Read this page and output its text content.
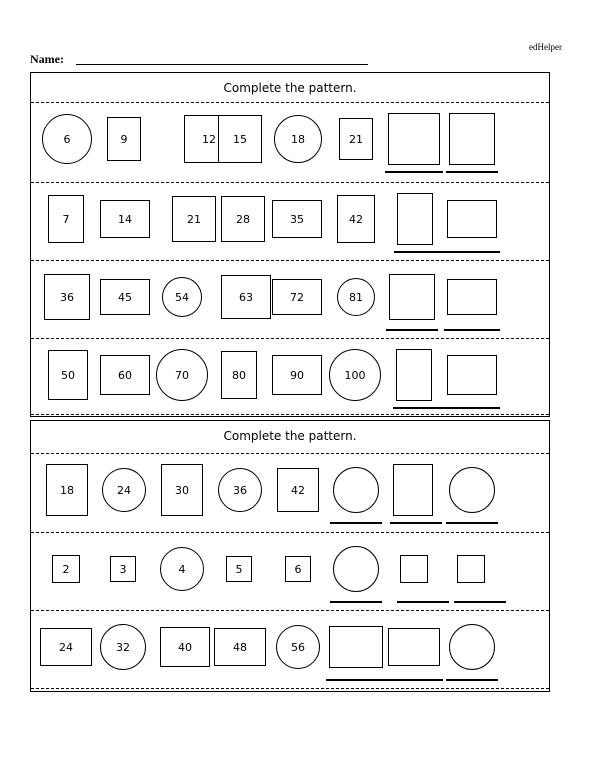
edHelper
Name:
Complete the pattern.
6	9	12	15	18	21
7	14	21	28	35	42
36	45	54	63	72	81
50	60	70	80	90	100
Complete the pattern.
18	24	30	36	42
2	3	4	5	6
24	32	40	48	56
